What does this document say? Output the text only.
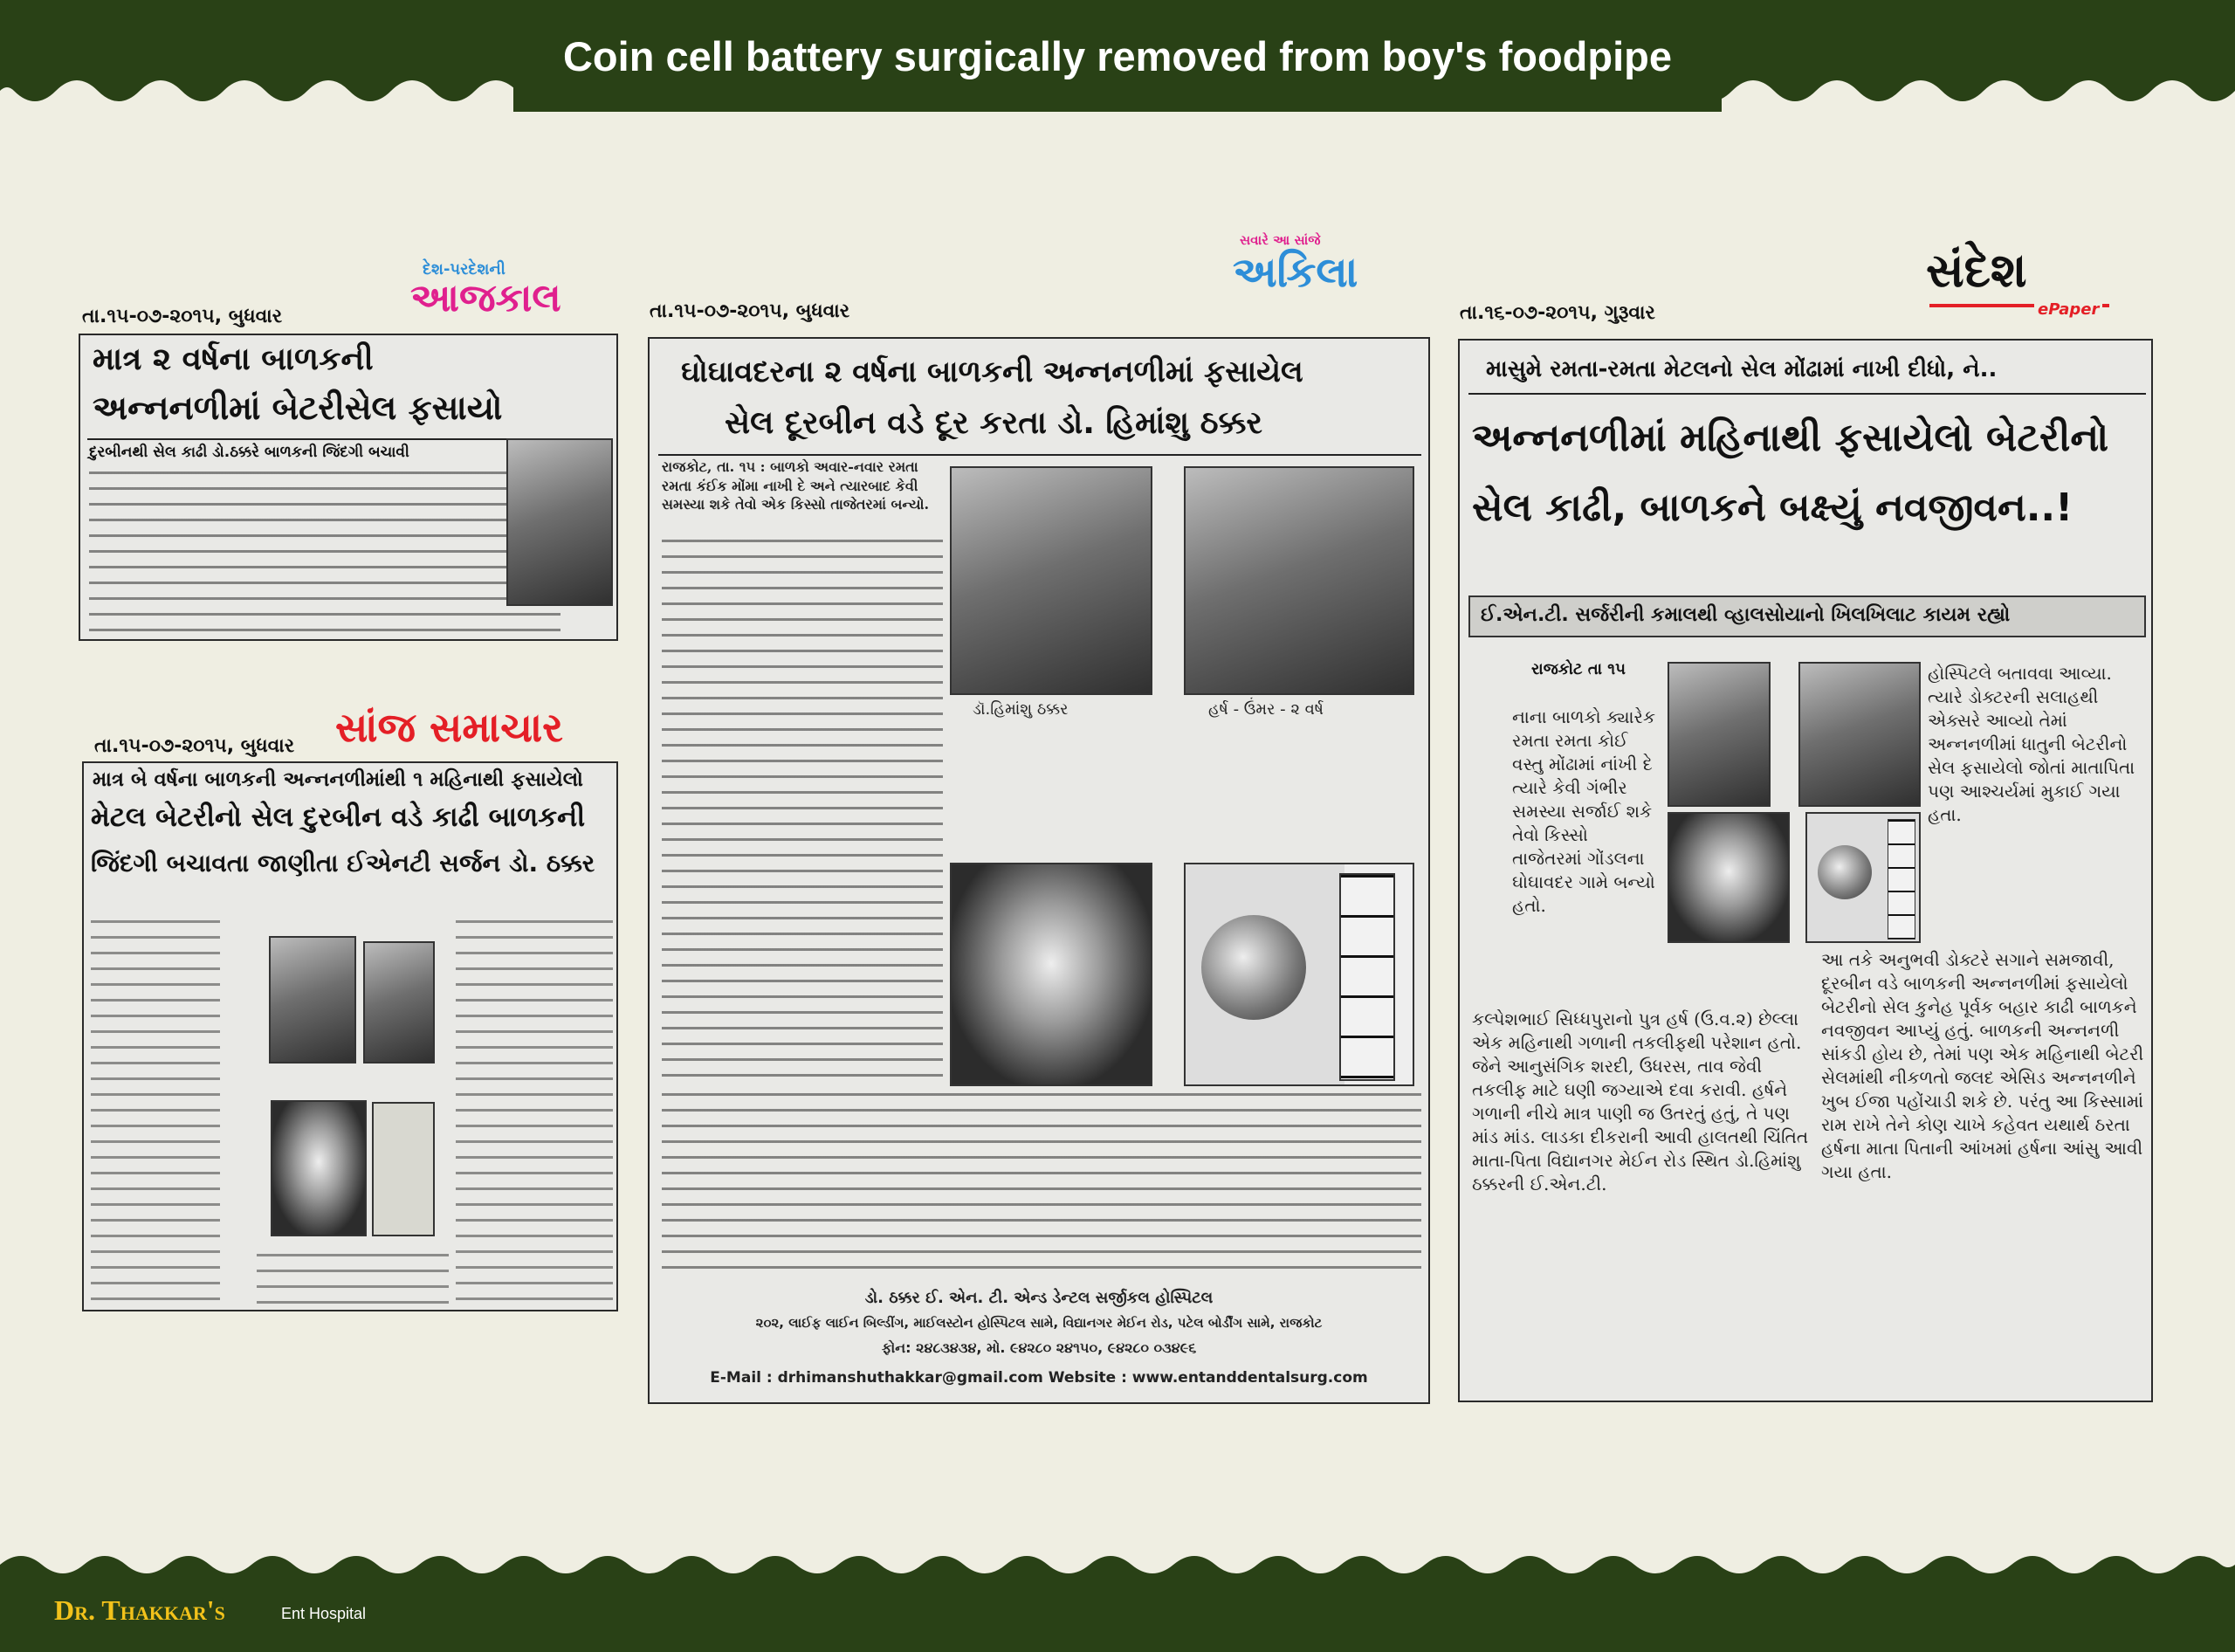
Coin cell battery surgically removed from boy's foodpipe
દેશ-પરદેશની
આજકાલ
તા.૧૫-૦૭-૨૦૧૫, બુધવાર
માત્ર ૨ વર્ષના બાળકની
અન્નનળીમાં બેટરીસેલ ફસાયો
દુરબીનથી સેલ કાઢી ડો.ઠક્કરે બાળકની જિંદગી બચાવી
સાંજ સમાચાર
તા.૧૫-૦૭-૨૦૧૫, બુધવાર
માત્ર બે વર્ષના બાળકની અન્નનળીમાંથી ૧ મહિનાથી ફસાયેલો
મેટલ બેટરીનો સેલ દુરબીન વડે કાઢી બાળકની
જિંદગી બચાવતા જાણીતા ઈએનટી સર્જન ડો. ઠક્કર
સવારે આ સાંજે
અકિલા
તા.૧૫-૦૭-૨૦૧૫, બુધવાર
ઘોઘાવદરના ૨ વર્ષના બાળકની અન્નનળીમાં ફસાયેલ
સેલ દૂરબીન વડે દૂર કરતા ડો. હિમાંશુ ઠક્કર
રાજકોટ, તા. ૧૫ : બાળકો અવાર-નવાર રમતા રમતા કંઈક મોંમા નાખી દે અને ત્યારબાદ કેવી સમસ્યા શકે તેવો એક કિસ્સો તાજેતરમાં બન્યો.
ડૉ.હિમાંશુ ઠક્કર	હર્ષ - ઉંમર - ૨ વર્ષ
ડો. ઠક્કર ઈ. એન. ટી. એન્ડ ડેન્ટલ સર્જીકલ હોસ્પિટલ
૨૦૨, લાઈફ લાઈન બિલ્ડીંગ, માઈલસ્ટોન હોસ્પિટલ સામે, વિદ્યાનગર મેઈન રોડ, પટેલ બોર્ડીંગ સામે, રાજકોટ
ફોન: ૨૪૮૩૪૩૪, મો. ૯૪૨૮૦ ૨૪૧૫૦, ૯૪૨૮૦ ૦૩૪૯૬
E-Mail : drhimanshuthakkar@gmail.com Website : www.entanddentalsurg.com
સંદેશ
ePaper
તા.૧૬-૦૭-૨૦૧૫, ગુરૂવાર
માસુમે રમતા-રમતા મેટલનો સેલ મોંઢામાં નાખી દીધો, ને..
અન્નનળીમાં મહિનાથી ફસાયેલો બેટરીનો
સેલ કાઢી, બાળકને બક્ષ્યું નવજીવન..!
ઈ.એન.ટી. સર્જરીની કમાલથી વ્હાલસોયાનો ખિલખિલાટ કાયમ રહ્યો
રાજકોટ તા ૧૫
નાના બાળકો ક્યારેક રમતા રમતા કોઈ વસ્તુ મોંઢામાં નાંખી દે ત્યારે કેવી ગંભીર સમસ્યા સર્જાઈ શકે તેવો કિસ્સો તાજેતરમાં ગોંડલના ઘોઘાવદર ગામે બન્યો હતો.
કલ્પેશભાઈ સિધ્ધપુરાનો પુત્ર હર્ષ (ઉ.વ.૨) છેલ્લા એક મહિનાથી ગળાની તકલીફથી પરેશાન હતો. જેને આનુસંગિક શરદી, ઉધરસ, તાવ જેવી તકલીફ માટે ઘણી જગ્યાએ દવા કરાવી. હર્ષને ગળાની નીચે માત્ર પાણી જ ઉતરતું હતું, તે પણ માંડ માંડ. લાડકા દીકરાની આવી હાલતથી ચિંતિત માતા-પિતા વિદ્યાનગર મેઈન રોડ સ્થિત ડો.હિમાંશુ ઠક્કરની ઈ.એન.ટી.
હોસ્પિટલે બતાવવા આવ્યા. ત્યારે ડોક્ટરની સલાહથી એક્સરે આવ્યો તેમાં અન્નનળીમાં ધાતુની બેટરીનો સેલ ફસાયેલો જોતાં માતાપિતા પણ આશ્ચર્યમાં મુકાઈ ગયા હતા.
આ તકે અનુભવી ડોક્ટરે સગાને સમજાવી, દૂરબીન વડે બાળકની અન્નનળીમાં ફસાયેલો બેટરીનો સેલ કુનેહ પૂર્વક બહાર કાઢી બાળકને નવજીવન આપ્યું હતું. બાળકની અન્નનળી સાંકડી હોય છે, તેમાં પણ એક મહિનાથી બેટરી સેલમાંથી નીકળતો જલદ એસિડ અન્નનળીને ખુબ ઈજા પહોંચાડી શકે છે. પરંતુ આ કિસ્સામાં રામ રાખે તેને કોણ ચાખે કહેવત યથાર્થ ઠરતા હર્ષના માતા પિતાની આંખમાં હર્ષના આંસુ આવી ગયા હતા.
Dr. Thakkar's	Ent Hospital
